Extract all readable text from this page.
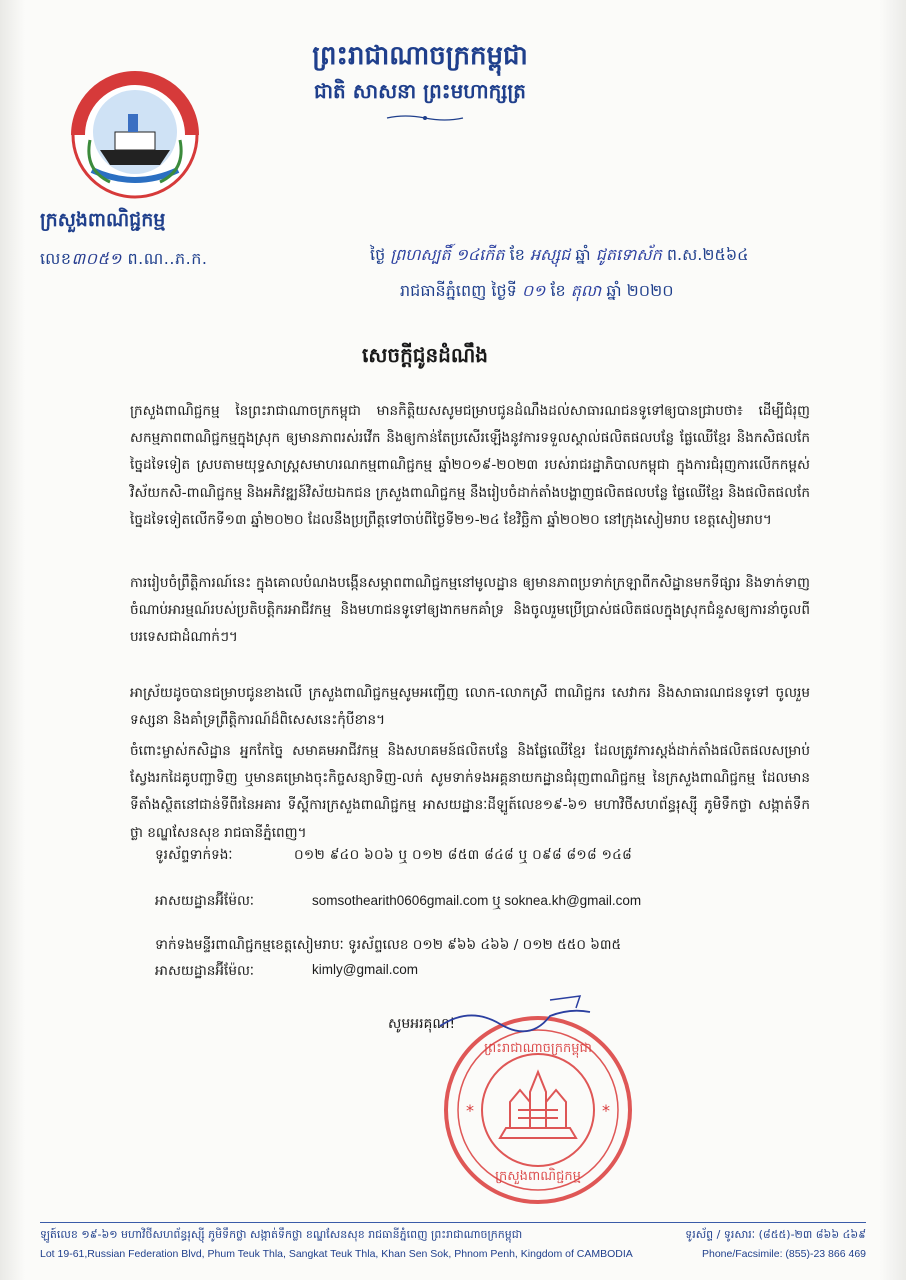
ព្រះរាជាណាចក្រកម្ពុជា
ជាតិ សាសនា ព្រះមហាក្សត្រ
ក្រសួងពាណិជ្ជកម្ម
លេខ៣០៥១ ព.ណ..ភ.ក.	ថ្ងៃ ព្រហស្បតិ៍ ១៤កើត ខែ អស្សុជ ឆ្នាំ ជូតទោស័ក ព.ស.២៥៦៤
រាជធានីភ្នំពេញ ថ្ងៃទី ០១ ខែ តុលា ឆ្នាំ ២០២០
សេចក្តីជូនដំណឹង

ក្រសួងពាណិជ្ជកម្ម នៃព្រះរាជាណាចក្រកម្ពុជា មានកិត្តិយសសូមជម្រាបជូនដំណឹងដល់សាធារណជនទូទៅឲ្យបានជ្រាបថា៖ ដើម្បីជំរុញសកម្មភាពពាណិជ្ជកម្មក្នុងស្រុក ឲ្យមានភាពរស់រវើក និងឲ្យកាន់តែប្រសើរឡើងនូវការទទួលស្គាល់ផលិតផលបន្លែ ផ្លែឈើខ្មែរ និងកសិផលកែច្នៃដទៃទៀត ស្របតាមយុទ្ធសាស្ត្រសមាហរណកម្មពាណិជ្ជកម្ម ឆ្នាំ២០១៩-២០២៣ របស់រាជរដ្ឋាភិបាលកម្ពុជា ក្នុងការជំរុញការលើកកម្ពស់វិស័យកសិ-ពាណិជ្ជកម្ម និងអភិវឌ្ឍន៍វិស័យឯកជន ក្រសួងពាណិជ្ជកម្ម នឹងរៀបចំដាក់តាំងបង្ហាញផលិតផលបន្លែ ផ្លែឈើខ្មែរ និងផលិតផលកែច្នៃដទៃទៀតលើកទី១៣ ឆ្នាំ២០២០ ដែលនឹងប្រព្រឹត្តទៅចាប់ពីថ្ងៃទី២១-២៤ ខែវិច្ឆិកា ឆ្នាំ២០២០ នៅក្រុងសៀមរាប ខេត្តសៀមរាប។

ការរៀបចំព្រឹត្តិការណ៍នេះ ក្នុងគោលបំណងបង្កើនសម្ភាពពាណិជ្ជកម្មនៅមូលដ្ឋាន ឲ្យមានភាពប្រទាក់ក្រឡាពីកសិដ្ឋានមកទីផ្សារ និងទាក់ទាញចំណាប់អារម្មណ៍របស់ប្រតិបត្តិករអាជីវកម្ម និងមហាជនទូទៅឲ្យងាកមកគាំទ្រ និងចូលរួមប្រើប្រាស់ផលិតផលក្នុងស្រុកជំនួសឲ្យការនាំចូលពីបរទេសជាដំណាក់ៗ។

អាស្រ័យដូចបានជម្រាបជូនខាងលើ ក្រសួងពាណិជ្ជកម្មសូមអញ្ជើញ លោក-លោកស្រី ពាណិជ្ជករ សេវាករ និងសាធារណជនទូទៅ ចូលរួមទស្សនា និងគាំទ្រព្រឹត្តិការណ៍ដ៏ពិសេសនេះកុំបីខាន។

ចំពោះម្ចាស់កសិដ្ឋាន អ្នកកែច្នៃ សមាគមអាជីវកម្ម និងសហគមន៍ផលិតបន្លែ និងផ្លែឈើខ្មែរ ដែលត្រូវការស្តង់ដាក់តាំងផលិតផលសម្រាប់ស្វែងរកដៃគូបញ្ជាទិញ ឬមានគម្រោងចុះកិច្ចសន្យាទិញ-លក់ សូមទាក់ទងអគ្គនាយកដ្ឋានជំរុញពាណិជ្ជកម្ម នៃក្រសួងពាណិជ្ជកម្ម ដែលមានទីតាំងស្ថិតនៅជាន់ទីពីរនៃអគារ ទីស្តីការក្រសួងពាណិជ្ជកម្ម អាសយដ្ឋានៈដីឡូត៍លេខ១៩-៦១ មហាវិថីសហព័ន្ធរុស្ស៊ី ភូមិទឹកថ្លា សង្កាត់ទឹកថ្លា ខណ្ឌសែនសុខ រាជធានីភ្នំពេញ។

ទូរស័ព្ទទាក់ទងៈ	០១២ ៩៤០ ៦០៦ ឬ ០១២ ៨៥៣ ៨៤៨ ឬ ០៩៨ ៨១៨ ១៤៨
អាសយដ្ឋានអ៊ីម៉ែលៈ	somsothearith0606gmail.com ឬ soknea.kh@gmail.com
ទាក់ទងមន្ទីរពាណិជ្ជកម្មខេត្តសៀមរាបៈ ទូរស័ព្ទលេខ ០១២ ៩៦៦ ៤៦៦ / ០១២ ៥៥០ ៦៣៥
អាសយដ្ឋានអ៊ីម៉ែលៈ	kimly@gmail.com
សូមអរគុណ!
*	*
ព្រះរាជាណាចក្រកម្ពុជា
ក្រសួងពាណិជ្ជកម្ម
ឡូត៍លេខ ១៩-៦១ មហាវិថីសហព័ន្ធរុស្ស៊ី ភូមិទឹកថ្លា សង្កាត់ទឹកថ្លា ខណ្ឌសែនសុខ រាជធានីភ្នំពេញ ព្រះរាជាណាចក្រកម្ពុជា	ទូរស័ព្ទ / ទូរសារៈ (៨៥៥)-២៣ ៨៦៦ ៤៦៩
Lot 19-61,Russian Federation Blvd, Phum Teuk Thla, Sangkat Teuk Thla, Khan Sen Sok, Phnom Penh, Kingdom of CAMBODIA	Phone/Facsimile: (855)-23 866 469
